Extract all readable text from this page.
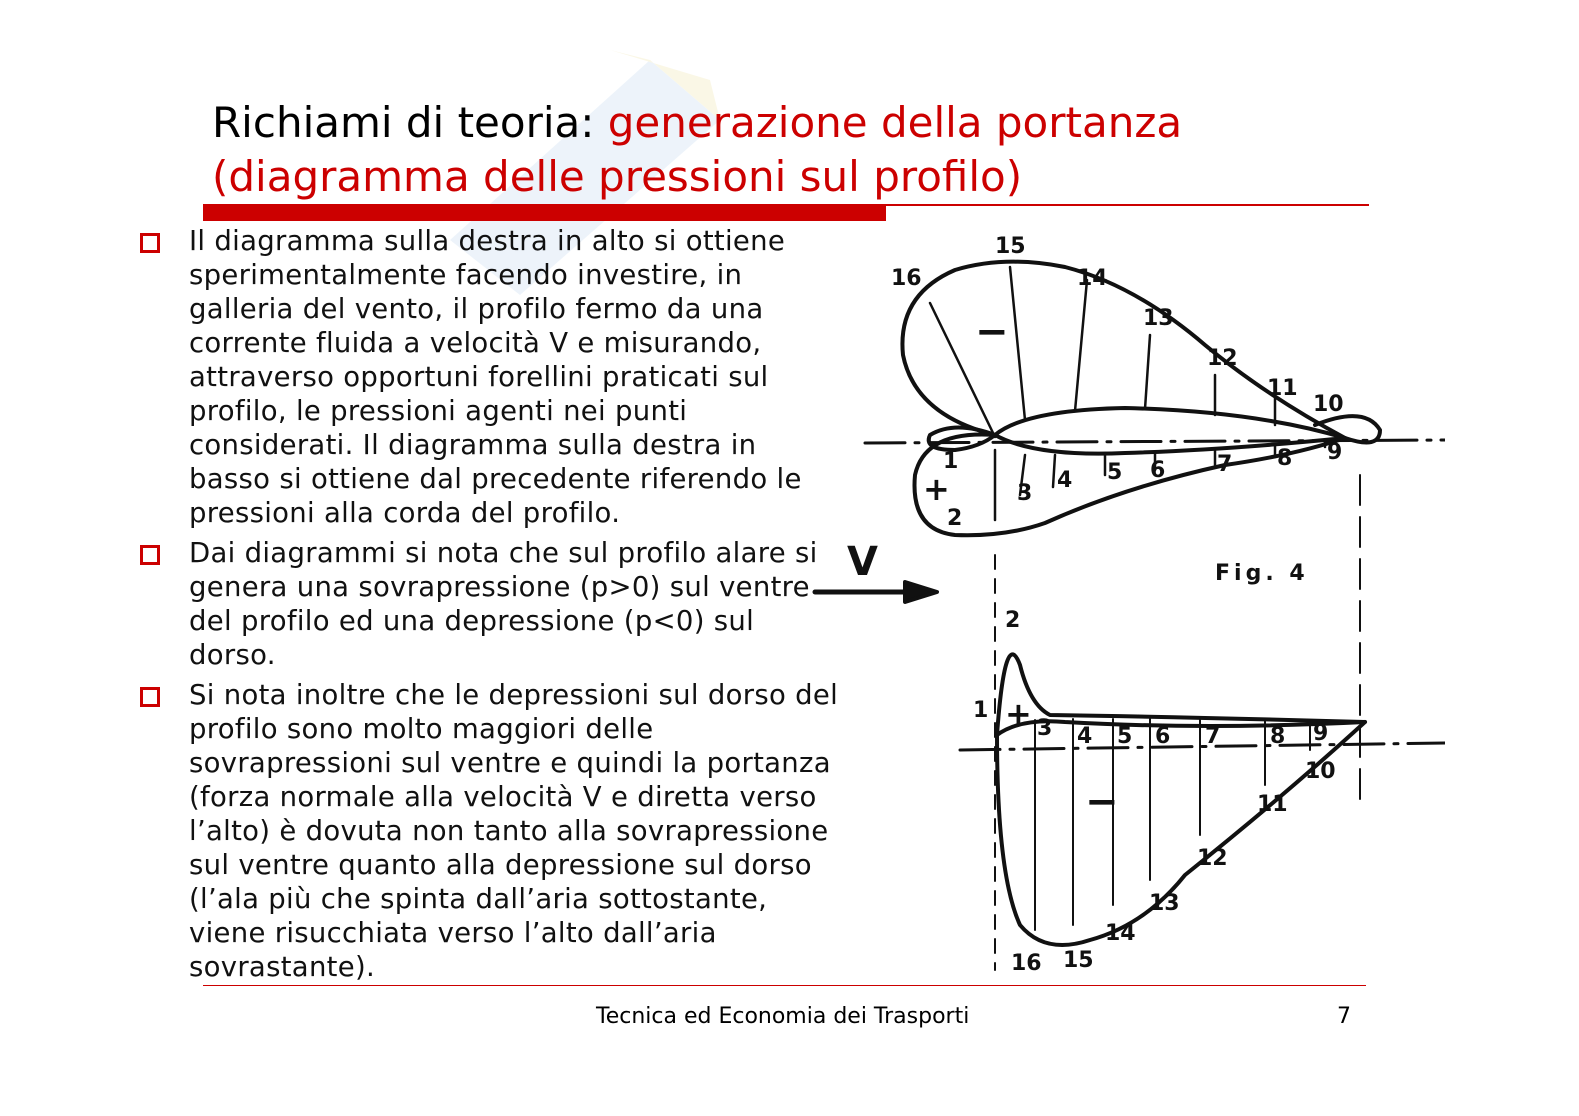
Richiami di teoria: generazione della portanza (diagramma delle pressioni sul profilo)
Il diagramma sulla destra in alto si ottiene sperimentalmente facendo investire, in galleria del vento, il profilo fermo da una corrente fluida a velocità V e misurando, attraverso opportuni forellini praticati sul profilo, le pressioni agenti nei punti considerati. Il diagramma sulla destra in basso si ottiene dal precedente riferendo le pressioni alla corda del profilo.
Dai diagrammi si nota che sul profilo alare si genera una sovrapressione (p>0) sul ventre del profilo ed una depressione (p<0) sul dorso.
Si nota inoltre che le depressioni sul dorso del profilo sono molto maggiori delle sovrapressioni sul ventre e quindi la portanza (forza normale alla velocità V e diretta verso l’alto) è dovuta non tanto alla sovrapressione sul ventre quanto alla depressione sul dorso (l’ala più che spinta dall’aria sottostante, viene risucchiata verso l’alto dall’aria sovrastante).
V	Fig. 4
+
−
+
−
1
2
3
4 5 6 7 8 9
10
11
12
13
14
15
16
1
2
3 4 5 6 7 8 9
10
11
12
13
14
15
16
Tecnica ed Economia dei Trasporti	7
